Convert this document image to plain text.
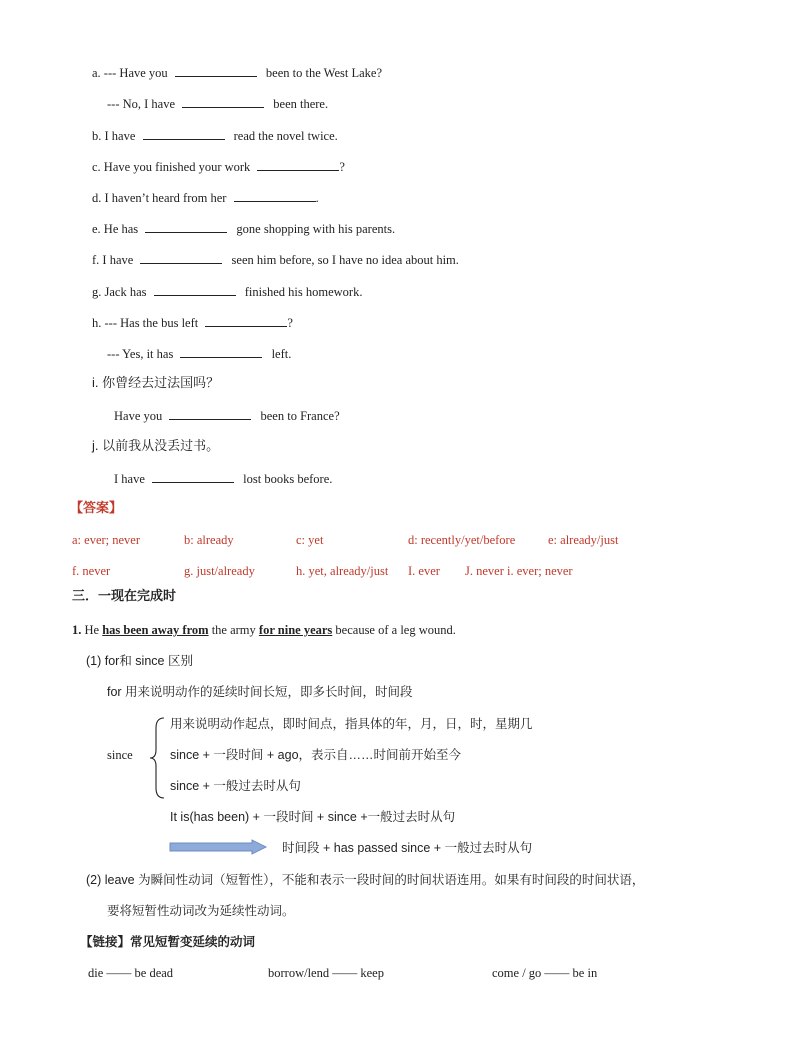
a. --- Have you	been to the West Lake?
--- No, I have	been there.
b. I have	read the novel twice.
c. Have you finished your work	?
d. I haven’t heard from her	.
e. He has	gone shopping with his parents.
f. I have	seen him before, so I have no idea about him.
g. Jack has	finished his homework.
h. --- Has the bus left	?
--- Yes, it has	left.
i. 你曾经去过法国吗？
Have you	been to France?
j. 以前我从没丢过书。
I have	lost books before.
【答案】
a: ever; never	b: already	c: yet	d: recently/yet/before	e: already/just
f. never	g. just/already	h. yet, already/just I. ever J. never i. ever; never
三．一现在完成时
1. He has been away from the army for nine years because of a leg wound.
(1) for和 since 区别
for 用来说明动作的延续时间长短，即多长时间，时间段
since
用来说明动作起点，即时间点，指具体的年，月，日，时，星期几
since + 一段时间 + ago，表示自……时间前开始至今
since + 一般过去时从句
It is(has been) + 一段时间 + since +一般过去时从句
时间段 + has passed since + 一般过去时从句
(2) leave 为瞬间性动词（短暂性），不能和表示一段时间的时间状语连用。如果有时间段的时间状语，
要将短暂性动词改为延续性动词。
【链接】常见短暂变延续的动词
die —— be dead	borrow/lend —— keep	come / go —— be in
